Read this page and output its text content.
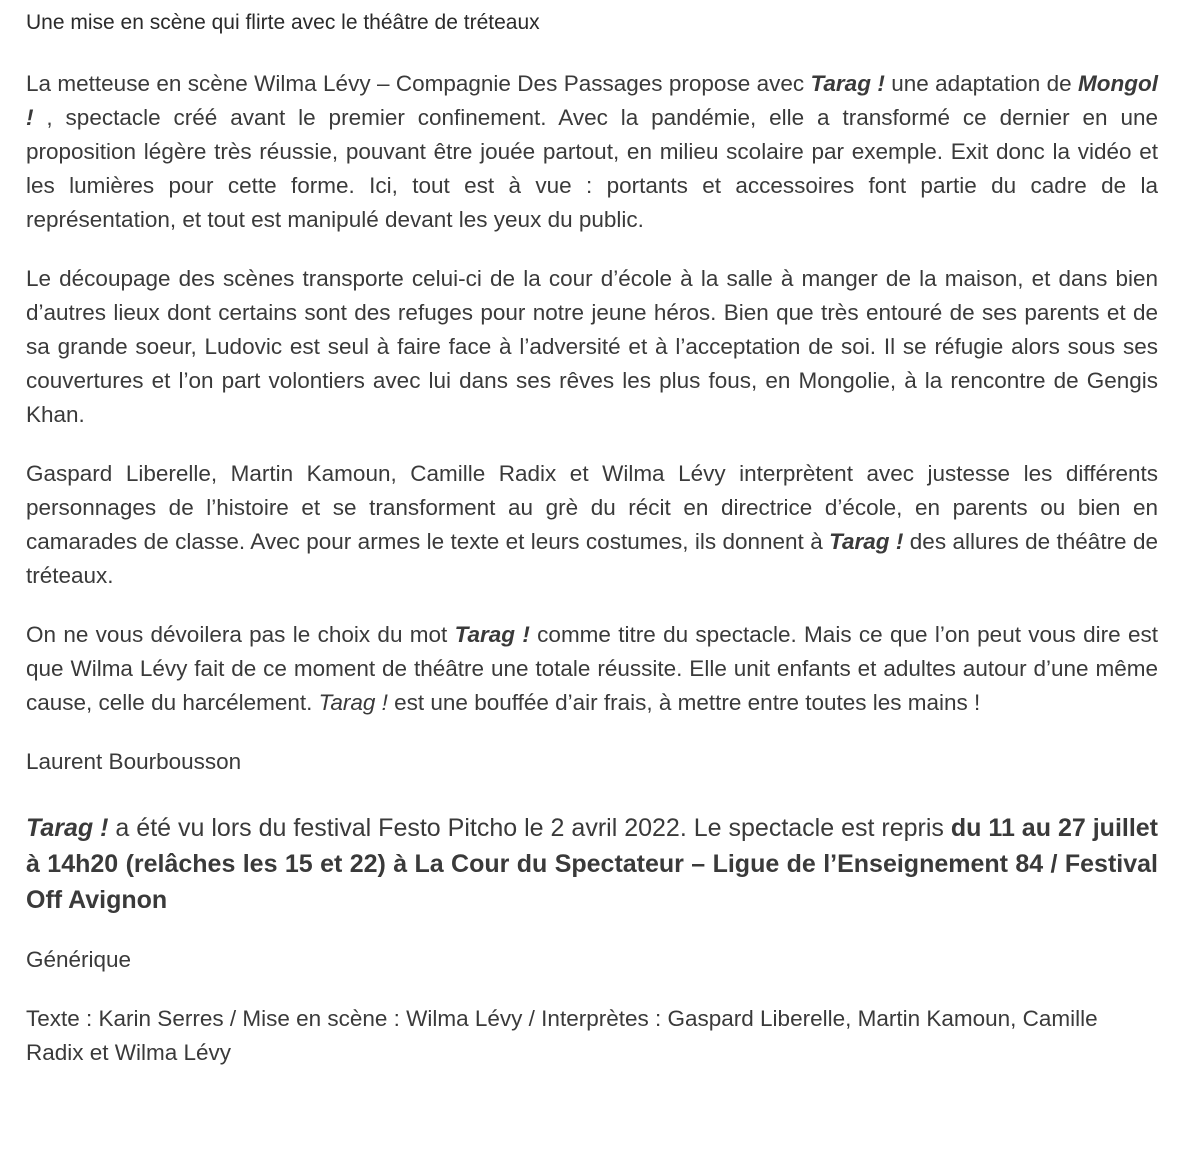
Une mise en scène qui flirte avec le théâtre de tréteaux

La metteuse en scène Wilma Lévy – Compagnie Des Passages propose avec Tarag ! une adaptation de Mongol ! , spectacle créé avant le premier confinement. Avec la pandémie, elle a transformé ce dernier en une proposition légère très réussie, pouvant être jouée partout, en milieu scolaire par exemple. Exit donc la vidéo et les lumières pour cette forme. Ici, tout est à vue : portants et accessoires font partie du cadre de la représentation, et tout est manipulé devant les yeux du public.

Le découpage des scènes transporte celui-ci de la cour d’école à la salle à manger de la maison, et dans bien d’autres lieux dont certains sont des refuges pour notre jeune héros. Bien que très entouré de ses parents et de sa grande soeur, Ludovic est seul à faire face à l’adversité et à l’acceptation de soi. Il se réfugie alors sous ses couvertures et l’on part volontiers avec lui dans ses rêves les plus fous, en Mongolie, à la rencontre de Gengis Khan.

Gaspard Liberelle, Martin Kamoun, Camille Radix et Wilma Lévy interprètent avec justesse les différents personnages de l’histoire et se transforment au grè du récit en directrice d’école, en parents ou bien en camarades de classe. Avec pour armes le texte et leurs costumes, ils donnent à Tarag ! des allures de théâtre de tréteaux.

On ne vous dévoilera pas le choix du mot Tarag ! comme titre du spectacle. Mais ce que l’on peut vous dire est que Wilma Lévy fait de ce moment de théâtre une totale réussite. Elle unit enfants et adultes autour d’une même cause, celle du harcélement. Tarag ! est une bouffée d’air frais, à mettre entre toutes les mains !

Laurent Bourbousson

Tarag ! a été vu lors du festival Festo Pitcho le 2 avril 2022. Le spectacle est repris du 11 au 27 juillet à 14h20 (relâches les 15 et 22) à La Cour du Spectateur – Ligue de l’Enseignement 84 / Festival Off Avignon

Générique

Texte : Karin Serres / Mise en scène : Wilma Lévy / Interprètes : Gaspard Liberelle, Martin Kamoun, Camille Radix et Wilma Lévy
